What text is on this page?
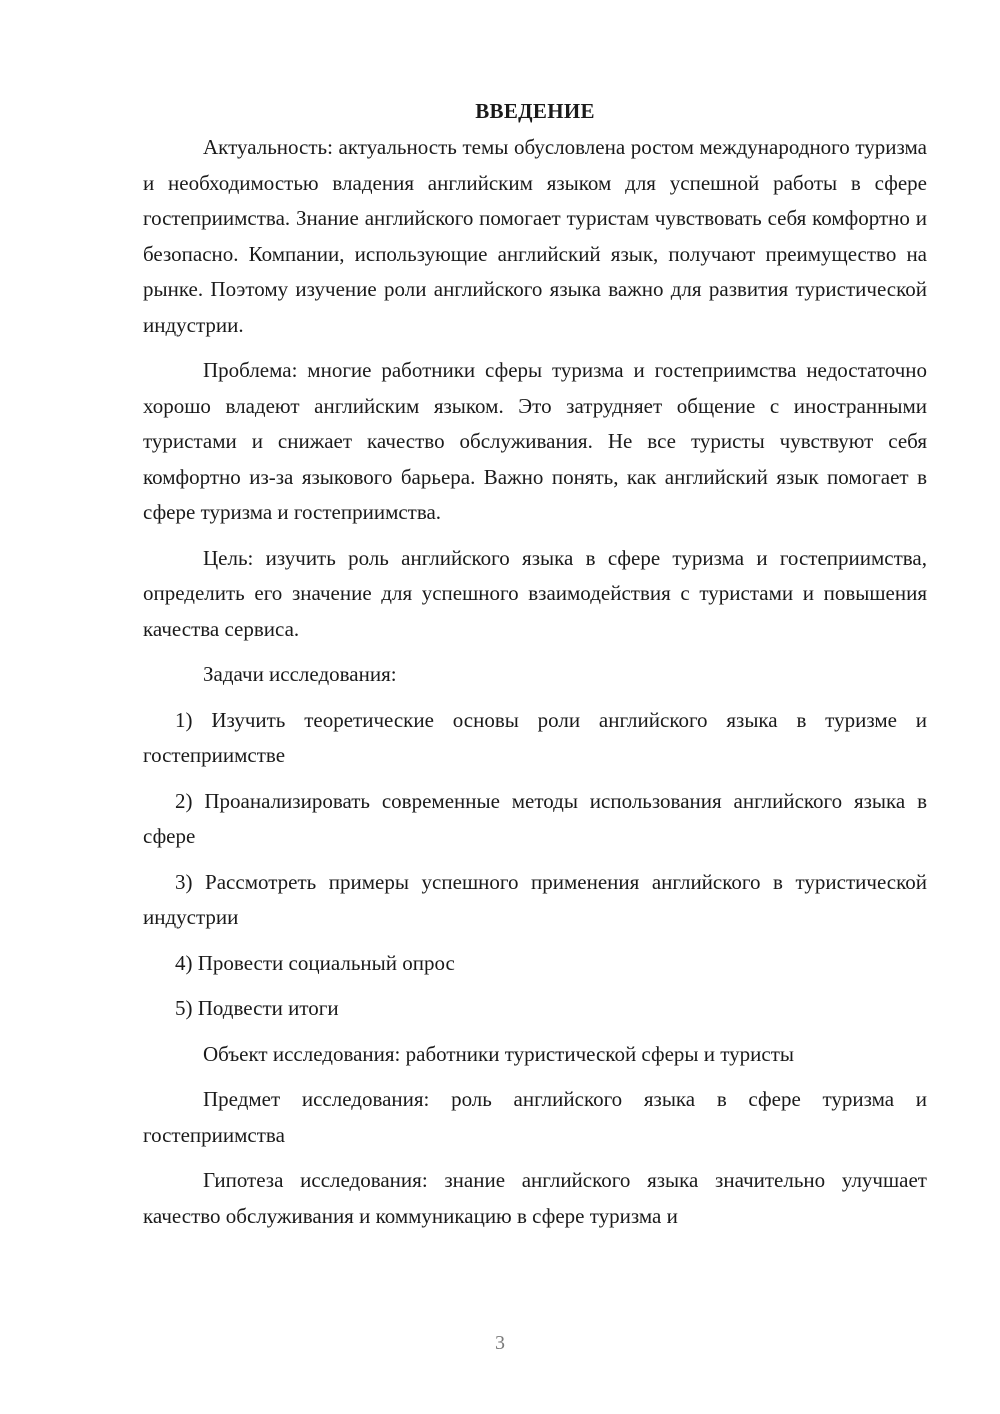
ВВЕДЕНИЕ

Актуальность: актуальность темы обусловлена ростом международного туризма и необходимостью владения английским языком для успешной работы в сфере гостеприимства. Знание английского помогает туристам чувствовать себя комфортно и безопасно. Компании, использующие английский язык, получают преимущество на рынке. Поэтому изучение роли английского языка важно для развития туристической индустрии.

Проблема: многие работники сферы туризма и гостеприимства недостаточно хорошо владеют английским языком. Это затрудняет общение с иностранными туристами и снижает качество обслуживания. Не все туристы чувствуют себя комфортно из-за языкового барьера. Важно понять, как английский язык помогает в сфере туризма и гостеприимства.

Цель: изучить роль английского языка в сфере туризма и гостеприимства, определить его значение для успешного взаимодействия с туристами и повышения качества сервиса.

Задачи исследования:

1) Изучить теоретические основы роли английского языка в туризме и гостеприимстве

2) Проанализировать современные методы использования английского языка в сфере

3) Рассмотреть примеры успешного применения английского в туристической индустрии

4) Провести социальный опрос

5) Подвести итоги

Объект исследования: работники туристической сферы и туристы

Предмет исследования: роль английского языка в сфере туризма и гостеприимства

Гипотеза исследования: знание английского языка значительно улучшает качество обслуживания и коммуникацию в сфере туризма и

3
